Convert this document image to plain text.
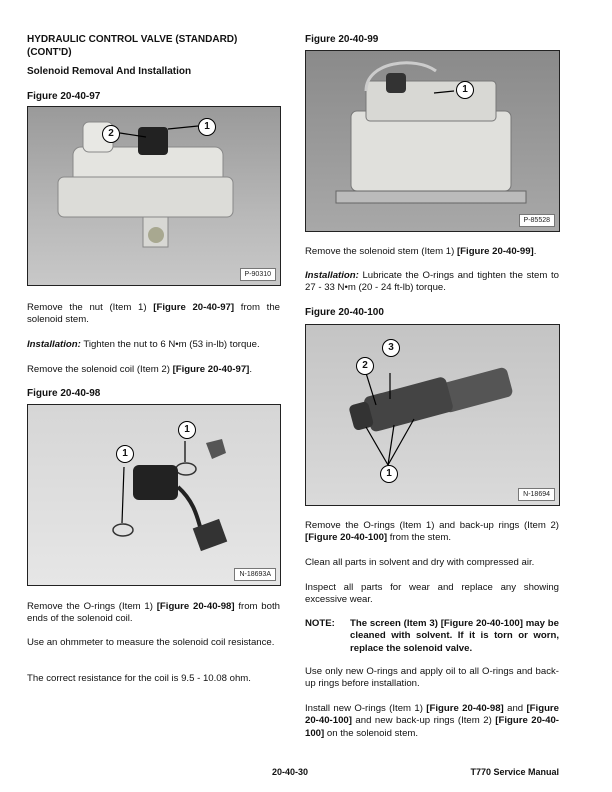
HYDRAULIC CONTROL VALVE (STANDARD) (CONT'D)
Solenoid Removal And Installation
Figure 20-40-97
1
2
P-90310

Remove the nut (Item 1) [Figure 20-40-97] from the solenoid stem.

Installation: Tighten the nut to 6 N•m (53 in-lb) torque.

Remove the solenoid coil (Item 2) [Figure 20-40-97].

Figure 20-40-98
1
1
N-18693A

Remove the O-rings (Item 1) [Figure 20-40-98] from both ends of the solenoid coil.

Use an ohmmeter to measure the solenoid coil resistance.

The correct resistance for the coil is 9.5 - 10.08 ohm.

Figure 20-40-99
1
P-85528

Remove the solenoid stem (Item 1) [Figure 20-40-99].

Installation: Lubricate the O-rings and tighten the stem to 27 - 33 N•m (20 - 24 ft-lb) torque.

Figure 20-40-100
2
3
1
N-18694

Remove the O-rings (Item 1) and back-up rings (Item 2) [Figure 20-40-100] from the stem.

Clean all parts in solvent and dry with compressed air.

Inspect all parts for wear and replace any showing excessive wear.

NOTE:	The screen (Item 3) [Figure 20-40-100] may be cleaned with solvent. If it is torn or worn, replace the solenoid valve.

Use only new O-rings and apply oil to all O-rings and back-up rings before installation.

Install new O-rings (Item 1) [Figure 20-40-98] and [Figure 20-40-100] and new back-up rings (Item 2) [Figure 20-40-100] on the solenoid stem.

20-40-30	T770 Service Manual
